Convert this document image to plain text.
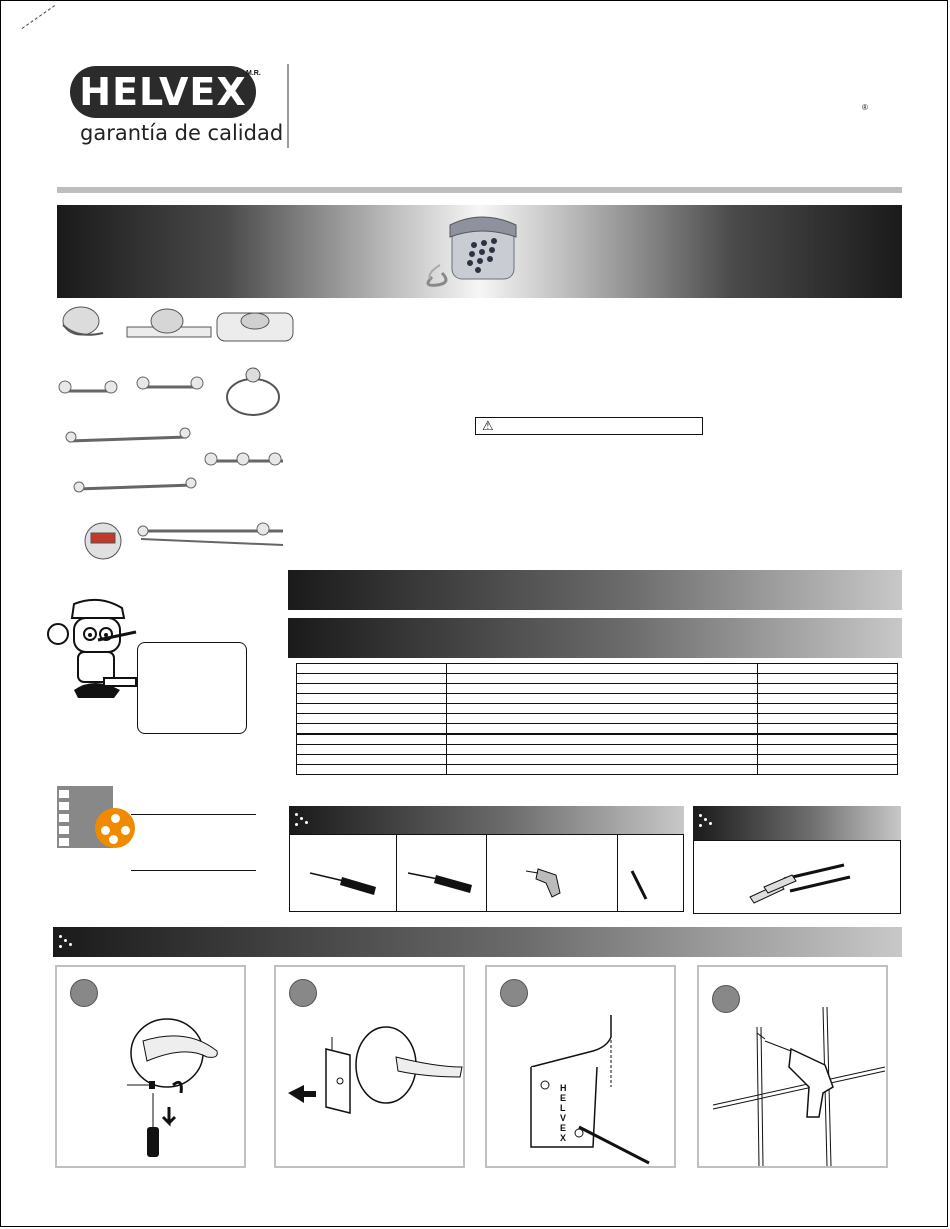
HELVEX M.R.
garantía de calidad
®
⚠

H E L V E X
